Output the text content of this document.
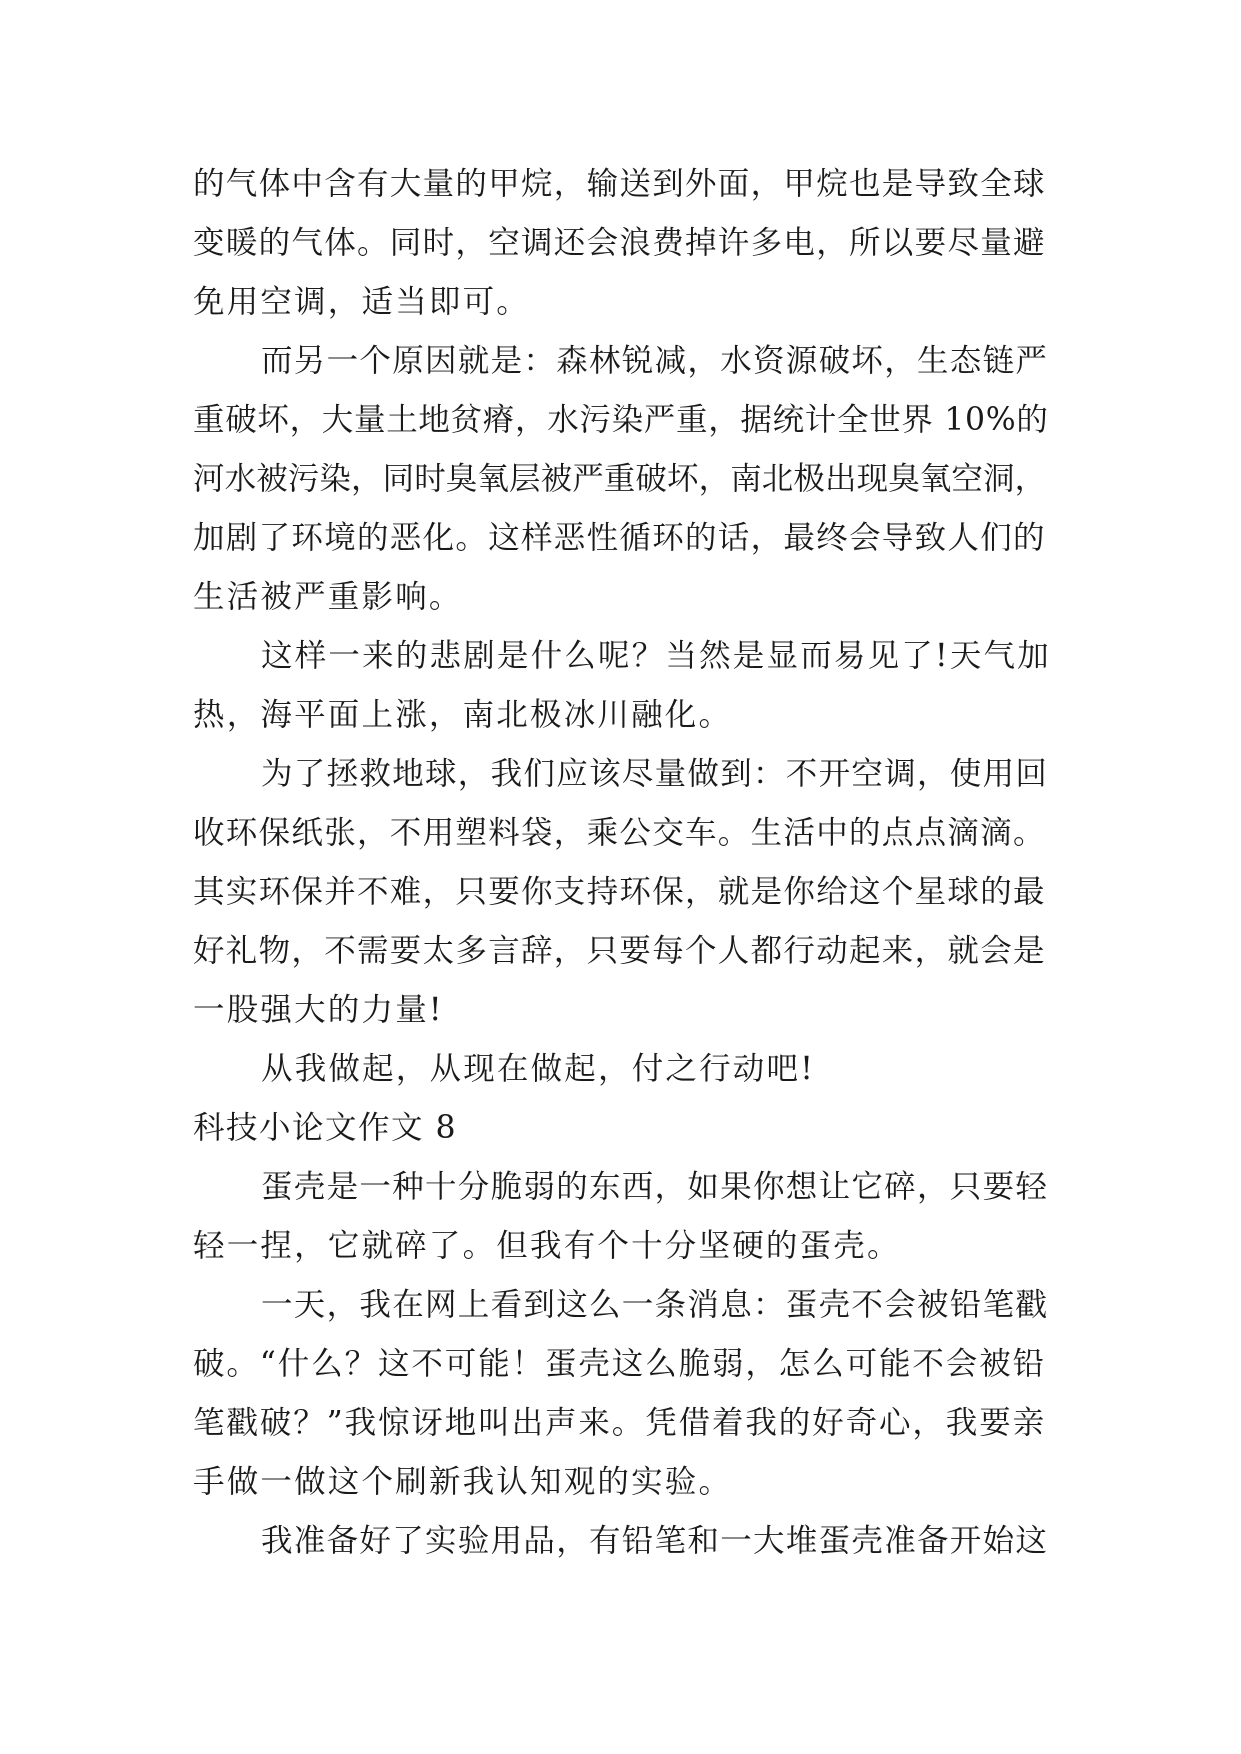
的气体中含有大量的甲烷，输送到外面，甲烷也是导致全球
变暖的气体。同时，空调还会浪费掉许多电，所以要尽量避
免用空调，适当即可。
而另一个原因就是：森林锐减，水资源破坏，生态链严
重破坏，大量土地贫瘠，水污染严重，据统计全世界 10%的
河水被污染，同时臭氧层被严重破坏，南北极出现臭氧空洞，
加剧了环境的恶化。这样恶性循环的话，最终会导致人们的
生活被严重影响。
这样一来的悲剧是什么呢？当然是显而易见了!天气加
热，海平面上涨，南北极冰川融化。
为了拯救地球，我们应该尽量做到：不开空调，使用回
收环保纸张，不用塑料袋，乘公交车。生活中的点点滴滴。
其实环保并不难，只要你支持环保，就是你给这个星球的最
好礼物，不需要太多言辞，只要每个人都行动起来，就会是
一股强大的力量!
从我做起，从现在做起，付之行动吧!
科技小论文作文 8
蛋壳是一种十分脆弱的东西，如果你想让它碎，只要轻
轻一捏，它就碎了。但我有个十分坚硬的蛋壳。
一天，我在网上看到这么一条消息：蛋壳不会被铅笔戳
破。“什么？这不可能！蛋壳这么脆弱，怎么可能不会被铅
笔戳破？”我惊讶地叫出声来。凭借着我的好奇心，我要亲
手做一做这个刷新我认知观的实验。
我准备好了实验用品，有铅笔和一大堆蛋壳准备开始这
